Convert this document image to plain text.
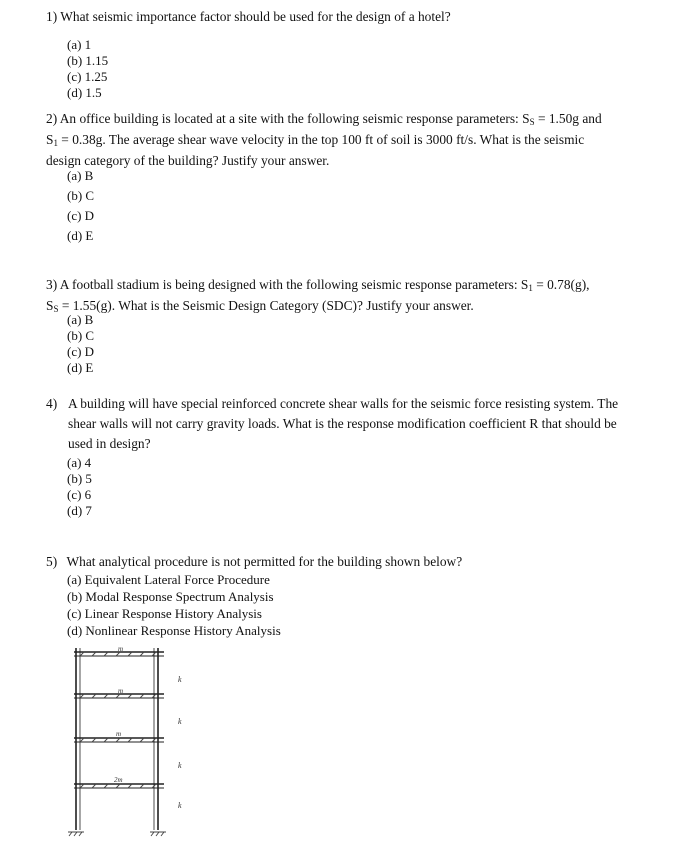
1) What seismic importance factor should be used for the design of a hotel?
(a) 1
(b) 1.15
(c) 1.25
(d) 1.5
2) An office building is located at a site with the following seismic response parameters: $S_S = 1.50g$ and
$S_1 = 0.38g$. The average shear wave velocity in the top 100 ft of soil is 3000 ft/s. What is the seismic
design category of the building? Justify your answer.
(a) B
(b) C
(c) D
(d) E
3) A football stadium is being designed with the following seismic response parameters: $S_1 = 0.78(g)$,
$S_S = 1.55(g)$. What is the Seismic Design Category (SDC)? Justify your answer.
(a) B
(b) C
(c) D
(d) E
4) A building will have special reinforced concrete shear walls for the seismic force resisting system. The
shear walls will not carry gravity loads. What is the response modification coefficient R that should be
used in design?
(a) 4
(b) 5
(c) 6
(d) 7
5) What analytical procedure is not permitted for the building shown below?
(a) Equivalent Lateral Force Procedure
(b) Modal Response Spectrum Analysis
(c) Linear Response History Analysis
(d) Nonlinear Response History Analysis
m
m
m
2m
k
k
k
k
